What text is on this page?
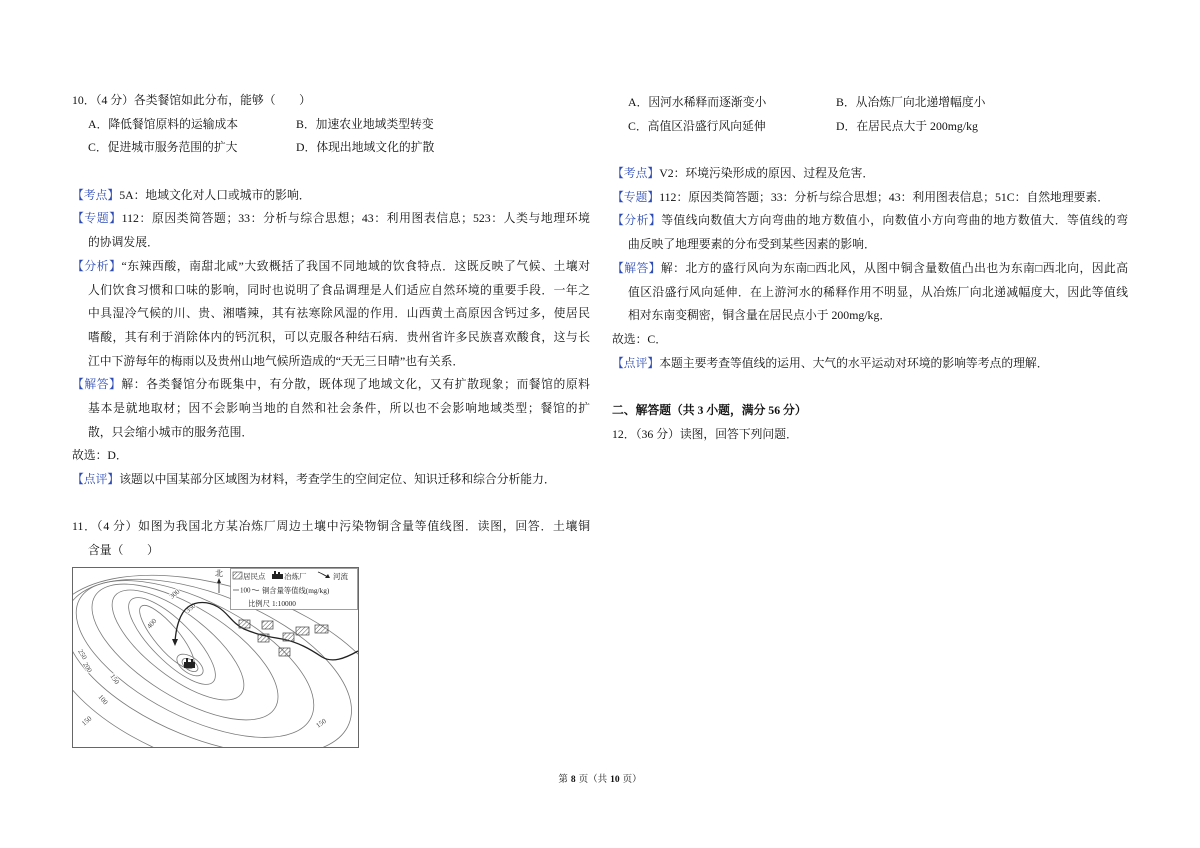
10．（4 分）各类餐馆如此分布，能够（　　）
A．降低餐馆原料的运输成本	B．加速农业地域类型转变
C．促进城市服务范围的扩大	D．体现出地域文化的扩散
【考点】5A：地域文化对人口或城市的影响．
【专题】112：原因类简答题；33：分析与综合思想；43：利用图表信息；523：人类与地理环境
的协调发展．
【分析】“东辣西酸，南甜北咸”大致概括了我国不同地域的饮食特点．这既反映了气候、土壤对
人们饮食习惯和口味的影响，同时也说明了食品调理是人们适应自然环境的重要手段．一年之
中具湿冷气候的川、贵、湘嗜辣，其有祛寒除风湿的作用．山西黄土高原因含钙过多，使居民
嗜酸，其有利于消除体内的钙沉积，可以克服各种结石病．贵州省许多民族喜欢酸食，这与长
江中下游每年的梅雨以及贵州山地气候所造成的“天无三日晴”也有关系．
【解答】解：各类餐馆分布既集中，有分散，既体现了地域文化，又有扩散现象；而餐馆的原料
基本是就地取材；因不会影响当地的自然和社会条件，所以也不会影响地域类型；餐馆的扩
散，只会缩小城市的服务范围．
故选：D．
【点评】该题以中国某部分区域图为材料，考查学生的空间定位、知识迁移和综合分析能力．
11．（4 分）如图为我国北方某冶炼厂周边土壤中污染物铜含量等值线图．读图，回答．土壤铜
含量（　　）
300
350
400
250
200
150
100
150	150
北	居民点 冶炼厂	河流
100 铜含量等值线(mg/kg)
比例尺 1:10000
A．因河水稀释而逐渐变小	B．从冶炼厂向北递增幅度小
C．高值区沿盛行风向延伸	D．在居民点大于 200mg/kg
【考点】V2：环境污染形成的原因、过程及危害．
【专题】112：原因类简答题；33：分析与综合思想；43：利用图表信息；51C：自然地理要素．
【分析】等值线向数值大方向弯曲的地方数值小，向数值小方向弯曲的地方数值大．等值线的弯
曲反映了地理要素的分布受到某些因素的影响．
【解答】解：北方的盛行风向为东南□西北风，从图中铜含量数值凸出也为东南□西北向，因此高
值区沿盛行风向延伸．在上游河水的稀释作用不明显，从冶炼厂向北递减幅度大，因此等值线
相对东南变稠密，铜含量在居民点小于 200mg/kg．
故选：C．
【点评】本题主要考查等值线的运用、大气的水平运动对环境的影响等考点的理解．
二、解答题（共 3 小题，满分 56 分）
12．（36 分）读图，回答下列问题．
第 8 页（共 10 页）
